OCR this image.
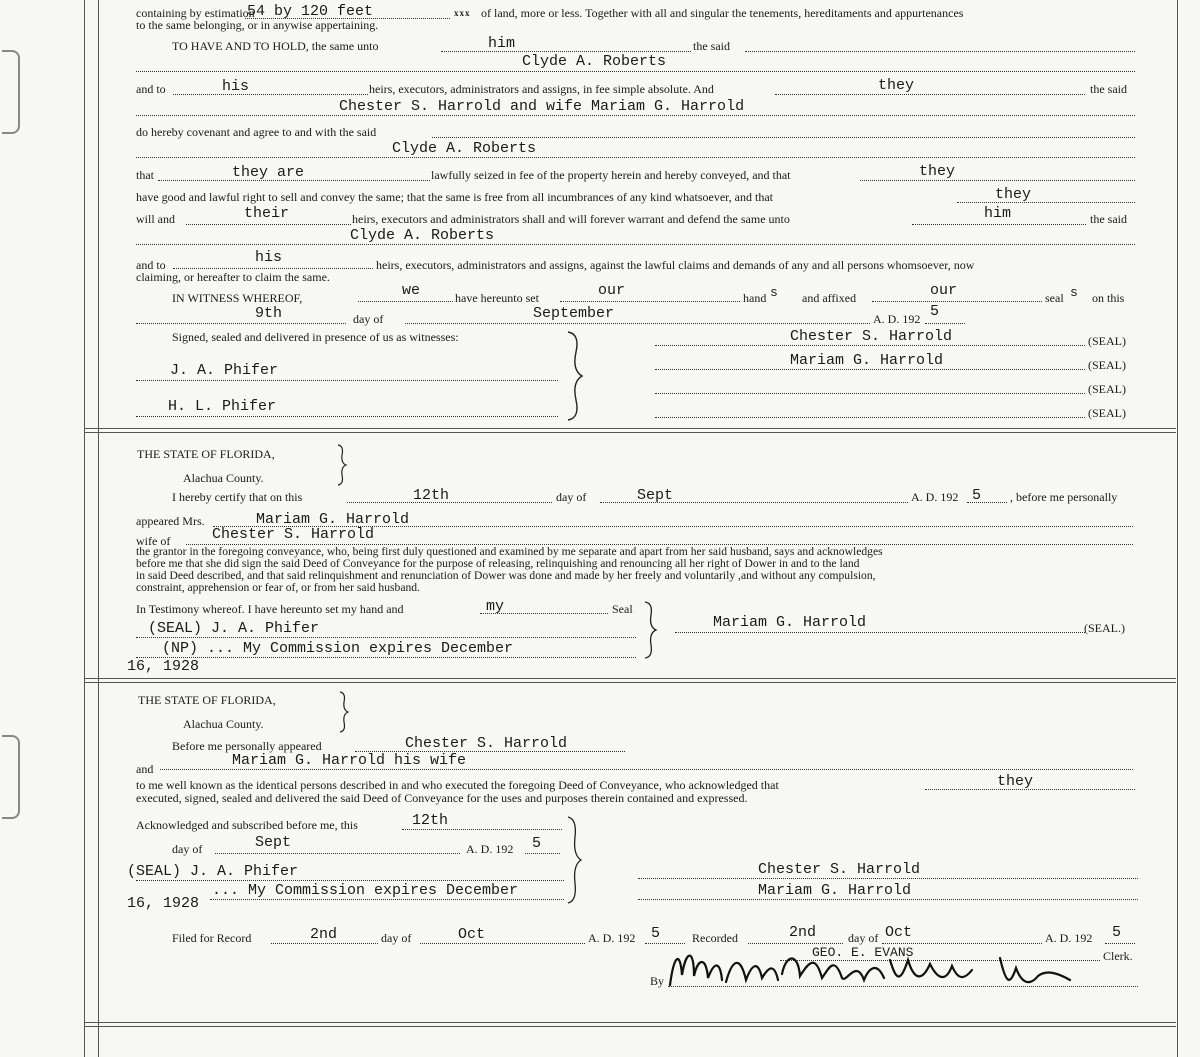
containing by estimation
54 by 120 feet	xxx of land, more or less. Together with all and singular the tenements, hereditaments and appurtenances
to the same belonging, or in anywise appertaining.
TO HAVE AND TO HOLD, the same unto	him	the said
Clyde A. Roberts
and to	his	heirs, executors, administrators and assigns, in fee simple absolute. And	they	the said
Chester S. Harrold and wife Mariam G. Harrold
do hereby covenant and agree to and with the said
Clyde A. Roberts
that	they are	lawfully seized in fee of the property herein and hereby conveyed, and that	they
have good and lawful right to sell and convey the same; that the same is free from all incumbrances of any kind whatsoever, and that	they
will and	their	heirs, executors and administrators shall and will forever warrant and defend the same unto	him	the said
Clyde A. Roberts
and to	his	heirs, executors, administrators and assigns, against the lawful claims and demands of any and all persons whomsoever, now
claiming, or hereafter to claim the same.
IN WITNESS WHEREOF,	we	have hereunto set	our	hand s and affixed	our	seal s on this
9th	day of	September	A. D. 192 5
Signed, sealed and delivered in presence of us as witnesses:
J. A. Phifer
H. L. Phifer
Chester S. Harrold	(SEAL)
Mariam G. Harrold	(SEAL)
(SEAL)
(SEAL)
THE STATE OF FLORIDA,
Alachua County.
I hereby certify that on this	12th	day of	Sept	A. D. 192 5 , before me personally
appeared Mrs.	Mariam G. Harrold
wife of	Chester S. Harrold
the grantor in the foregoing conveyance, who, being first duly questioned and examined by me separate and apart from her said husband, says and acknowledges
before me that she did sign the said Deed of Conveyance for the purpose of releasing, relinquishing and renouncing all her right of Dower in and to the land
in said Deed described, and that said relinquishment and renunciation of Dower was done and made by her freely and voluntarily ,and without any compulsion,
constraint, apprehension or fear of, or from her said husband.
In Testimony whereof. I have hereunto set my hand and	my	Seal
(SEAL) J. A. Phifer
(NP) ... My Commission expires December
16, 1928
Mariam G. Harrold	(SEAL.)
THE STATE OF FLORIDA,
Alachua County.
Before me personally appeared	Chester S. Harrold
and	Mariam G. Harrold his wife
to me well known as the identical persons described in and who executed the foregoing Deed of Conveyance, who acknowledged that	they
executed, signed, sealed and delivered the said Deed of Conveyance for the uses and purposes therein contained and expressed.
Acknowledged and subscribed before me, this	12th
day of	Sept	A. D. 192 5
(SEAL) J. A. Phifer
16, 1928
... My Commission expires December
Chester S. Harrold
Mariam G. Harrold
Filed for Record	2nd	day of	Oct	A. D. 192 5	Recorded	2nd	day of Oct	A. D. 192 5
GEO. E. EVANS	Clerk.
By
